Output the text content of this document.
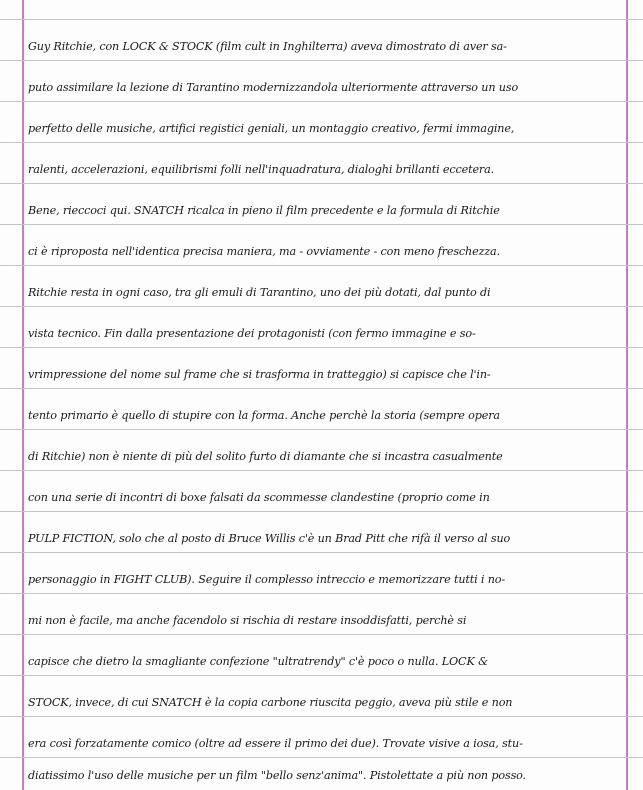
Guy Ritchie, con LOCK & STOCK (film cult in Inghilterra) aveva dimostrato di aver sa-
puto assimilare la lezione di Tarantino modernizzandola ulteriormente attraverso un uso
perfetto delle musiche, artifici registici geniali, un montaggio creativo, fermi immagine,
ralenti, accelerazioni, equilibrismi folli nell'inquadratura, dialoghi brillanti eccetera.
Bene, rieccoci qui. SNATCH ricalca in pieno il film precedente e la formula di Ritchie
ci è riproposta nell'identica precisa maniera, ma - ovviamente - con meno freschezza.
Ritchie resta in ogni caso, tra gli emuli di Tarantino, uno dei più dotati, dal punto di
vista tecnico. Fin dalla presentazione dei protagonisti (con fermo immagine e so-
vrimpressione del nome sul frame che si trasforma in tratteggio) si capisce che l'in-
tento primario è quello di stupire con la forma. Anche perchè la storia (sempre opera
di Ritchie) non è niente di più del solito furto di diamante che si incastra casualmente
con una serie di incontri di boxe falsati da scommesse clandestine (proprio come in
PULP FICTION, solo che al posto di Bruce Willis c'è un Brad Pitt che rifà il verso al suo
personaggio in FIGHT CLUB). Seguire il complesso intreccio e memorizzare tutti i no-
mi non è facile, ma anche facendolo si rischia di restare insoddisfatti, perchè si
capisce che dietro la smagliante confezione "ultratrendy" c'è poco o nulla. LOCK &
STOCK, invece, di cui SNATCH è la copia carbone riuscita peggio, aveva più stile e non
era così forzatamente comico (oltre ad essere il primo dei due). Trovate visive a iosa, stu-
diatissimo l'uso delle musiche per un film "bello senz'anima". Pistolettate a più non posso.
